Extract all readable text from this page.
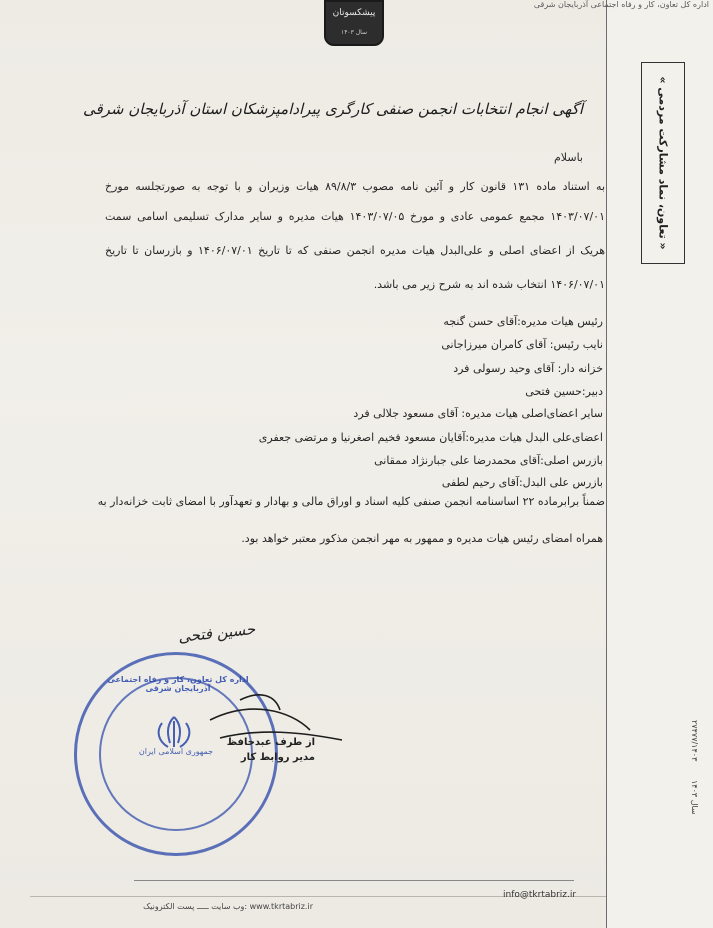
« تعاون، نماد مشارکت مردمی »
۲۷۴۷۷/۱۴۰۳
سال ۱۴۰۳
اداره کل تعاون، کار و رفاه اجتماعی آذربایجان شرقی
پیشکسوتان
سال ۱۴۰۳
آگهی انجام انتخابات انجمن صنفی کارگری پیرادامپزشکان استان آذربایجان شرقی
باسلام
به استناد ماده ۱۳۱ قانون کار و آئین نامه مصوب ۸۹/۸/۳ هیات وزیران و با توجه به صورتجلسه مورخ
۱۴۰۳/۰۷/۰۱ مجمع عمومی عادی و مورخ ۱۴۰۳/۰۷/۰۵ هیات مدیره و سایر مدارک تسلیمی اسامی سمت
هریک از اعضای اصلی و علی‌البدل هیات مدیره انجمن صنفی که تا تاریخ ۱۴۰۶/۰۷/۰۱ و بازرسان تا تاریخ
۱۴۰۶/۰۷/۰۱ انتخاب شده اند به شرح زیر می باشد.
رئیس هیات مدیره:آقای حسن گنجه
نایب رئیس: آقای کامران میرزاجانی
خزانه دار: آقای وحید رسولی فرد
دبیر:حسین فتحی
سایر اعضای‌اصلی هیات مدیره: آقای مسعود جلالی فرد
اعضای‌علی البدل هیات مدیره:آقایان مسعود فخیم اصغرنیا و مرتضی جعفری
بازرس اصلی:آقای محمدرضا علی جبارنژاد ممقانی
بازرس علی البدل:آقای رحیم لطفی
ضمناً برابرماده ۲۲ اساسنامه انجمن صنفی کلیه اسناد و اوراق مالی و بهادار و تعهدآور با امضای ثابت خزانه‌دار به
همراه امضای رئیس هیات مدیره و ممهور به مهر انجمن مذکور معتبر خواهد بود.
حسین فتحی
اداره کل تعاون، کار و رفاه اجتماعی آذربایجان شرقی
جمهوری اسلامی ایران
از طرف عبدحافظ
مدیر روابط کار
info@tkrtabriz.ir
www.tkrtabriz.ir :وب سایت ـــــ پست الکترونیک
